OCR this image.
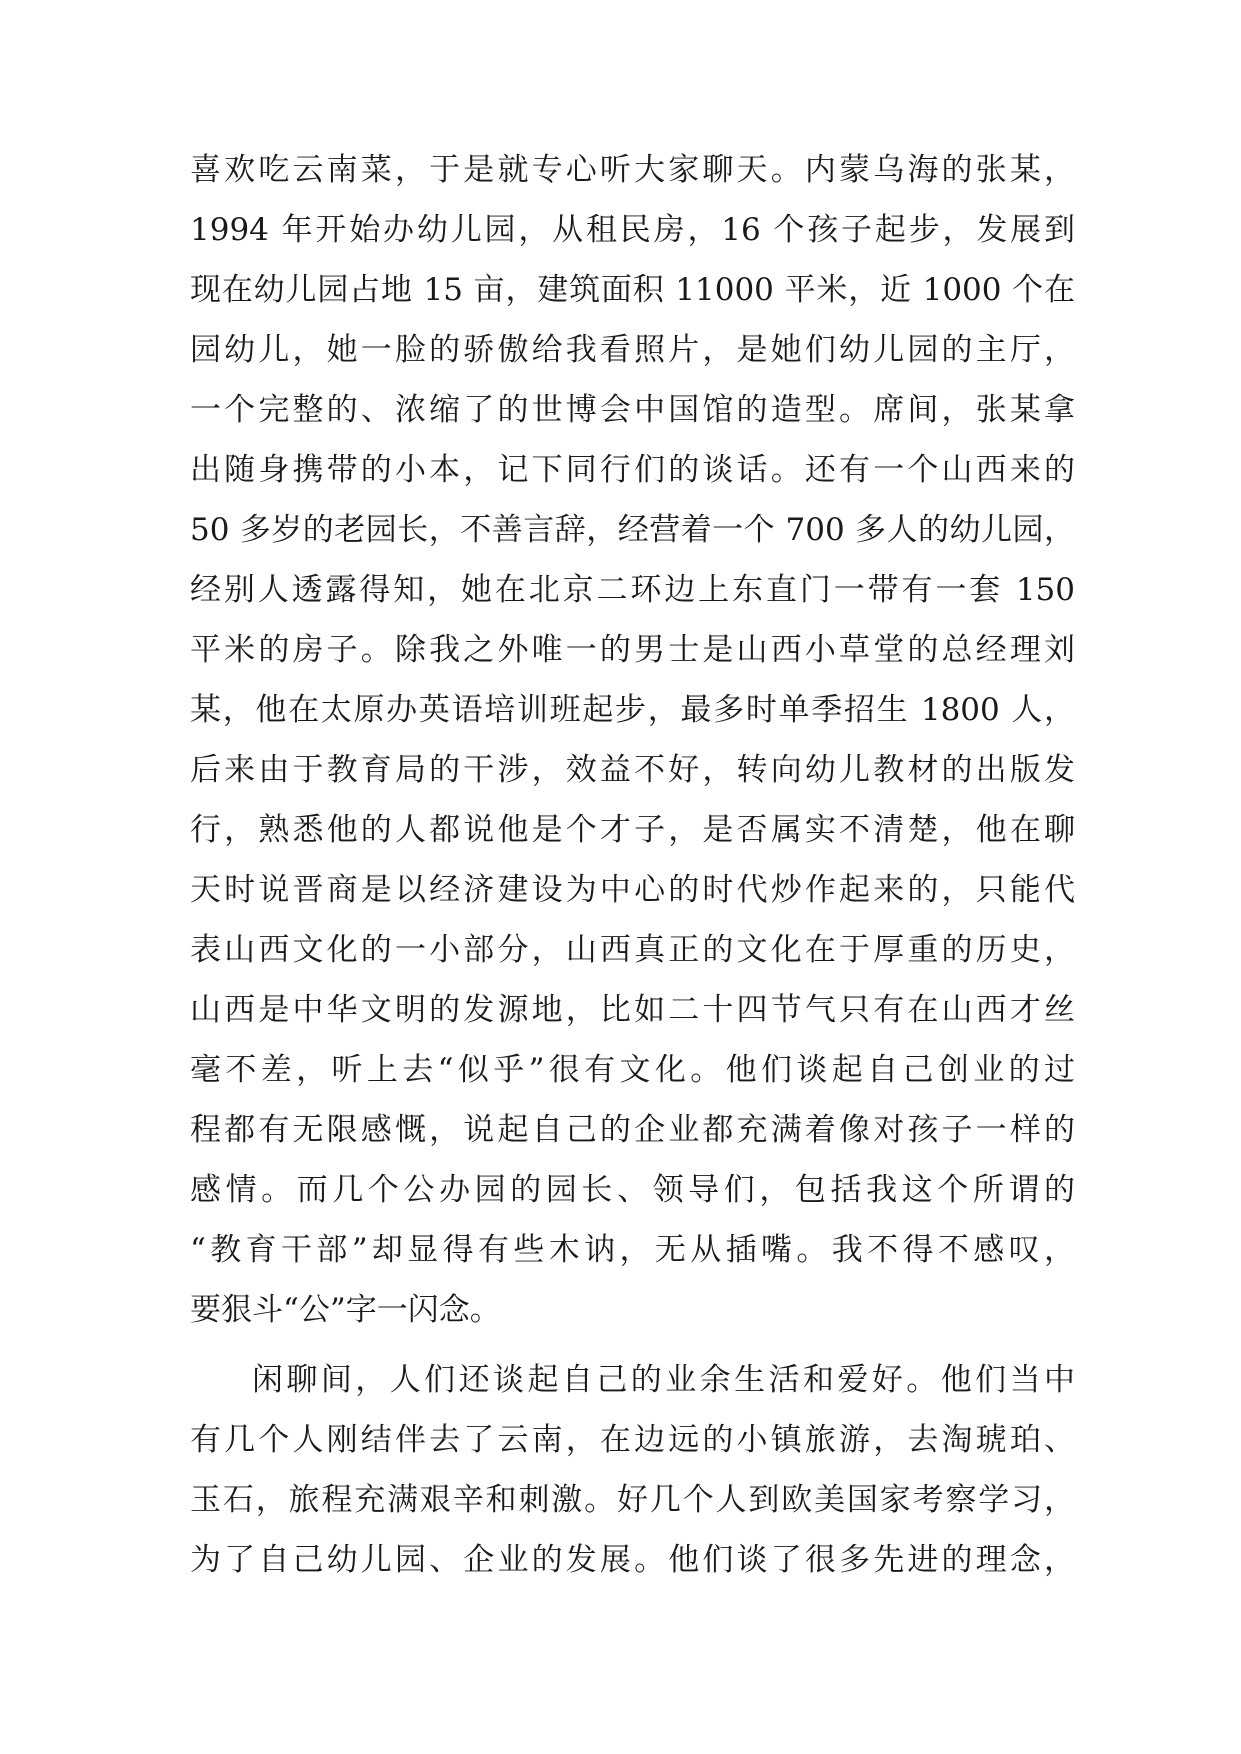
喜欢吃云南菜，于是就专心听大家聊天。内蒙乌海的张某，
1994 年开始办幼儿园，从租民房，16 个孩子起步，发展到
现在幼儿园占地 15 亩，建筑面积 11000 平米，近 1000 个在
园幼儿，她一脸的骄傲给我看照片，是她们幼儿园的主厅，
一个完整的、浓缩了的世博会中国馆的造型。席间，张某拿
出随身携带的小本，记下同行们的谈话。还有一个山西来的
50 多岁的老园长，不善言辞，经营着一个 700 多人的幼儿园，
经别人透露得知，她在北京二环边上东直门一带有一套 150
平米的房子。除我之外唯一的男士是山西小草堂的总经理刘
某，他在太原办英语培训班起步，最多时单季招生 1800 人，
后来由于教育局的干涉，效益不好，转向幼儿教材的出版发
行，熟悉他的人都说他是个才子，是否属实不清楚，他在聊
天时说晋商是以经济建设为中心的时代炒作起来的，只能代
表山西文化的一小部分，山西真正的文化在于厚重的历史，
山西是中华文明的发源地，比如二十四节气只有在山西才丝
毫不差，听上去“似乎”很有文化。他们谈起自己创业的过
程都有无限感慨，说起自己的企业都充满着像对孩子一样的
感情。而几个公办园的园长、领导们，包括我这个所谓的
“教育干部”却显得有些木讷，无从插嘴。我不得不感叹，
要狠斗“公”字一闪念。
闲聊间，人们还谈起自己的业余生活和爱好。他们当中
有几个人刚结伴去了云南，在边远的小镇旅游，去淘琥珀、
玉石，旅程充满艰辛和刺激。好几个人到欧美国家考察学习，
为了自己幼儿园、企业的发展。他们谈了很多先进的理念，
